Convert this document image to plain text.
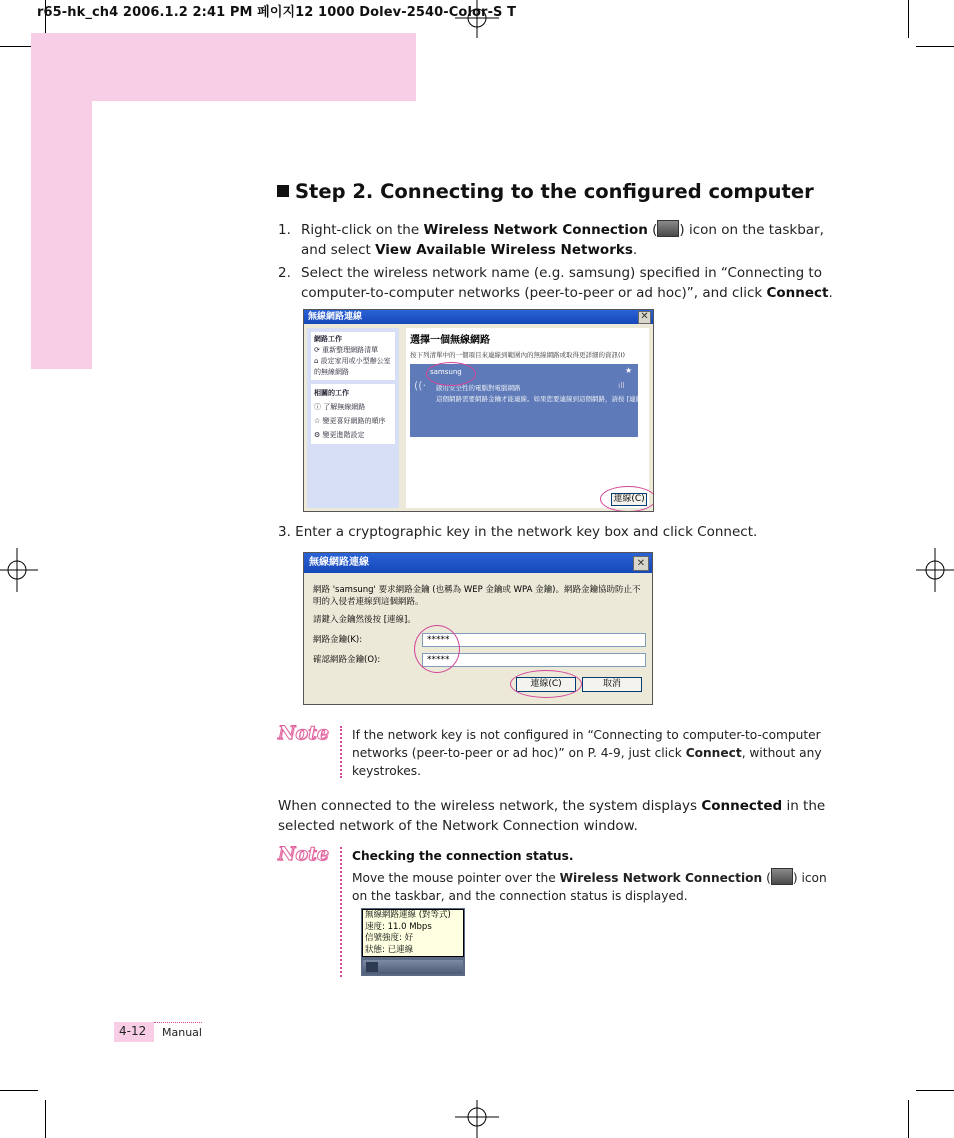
r65-hk_ch4 2006.1.2 2:41 PM 페이지12 1000 Dolev-2540-Color-S T
Step 2. Connecting to the configured computer
1. Right-click on the Wireless Network Connection ( ) icon on the taskbar,
and select View Available Wireless Networks.
2. Select the wireless network name (e.g. samsung) specified in “Connecting to
computer-to-computer networks (peer-to-peer or ad hoc)”, and click Connect.
無線網路連線	✕
網路工作
⟳ 重新整理網路清單
⌂ 設定家用或小型辦公室的無線網路
相關的工作
ⓘ 了解無線網路
☆ 變更喜好網路的順序
⚙ 變更進階設定
選擇一個無線網路
按下列清單中的一個項目來連線到範圍內的無線網路或取得更詳細的資訊(I)
samsung	★
ıll
啟用安全性的電腦對電腦網路
這個網路需要網路金鑰才能連線。如果您要連線到這個網路，請按 [連線]。
((·
連線(C)
3. Enter a cryptographic key in the network key box and click Connect.
無線網路連線	✕
網路 'samsung' 要求網路金鑰 (也稱為 WEP 金鑰或 WPA 金鑰)。網路金鑰協助防止不
明的入侵者連線到這個網路。
請鍵入金鑰然後按 [連線]。
網路金鑰(K):	*****
確認網路金鑰(O):	*****
連線(C)	取消
Note If the network key is not configured in “Connecting to computer-to-computer
networks (peer-to-peer or ad hoc)” on P. 4-9, just click Connect, without any
keystrokes.
When connected to the wireless network, the system displays Connected in the
selected network of the Network Connection window.
Note Checking the connection status.
Move the mouse pointer over the Wireless Network Connection ( ) icon
on the taskbar, and the connection status is displayed.
無線網路連線 (對等式)
速度: 11.0 Mbps
信號強度: 好
狀態: 已連線
4-12 Manual
